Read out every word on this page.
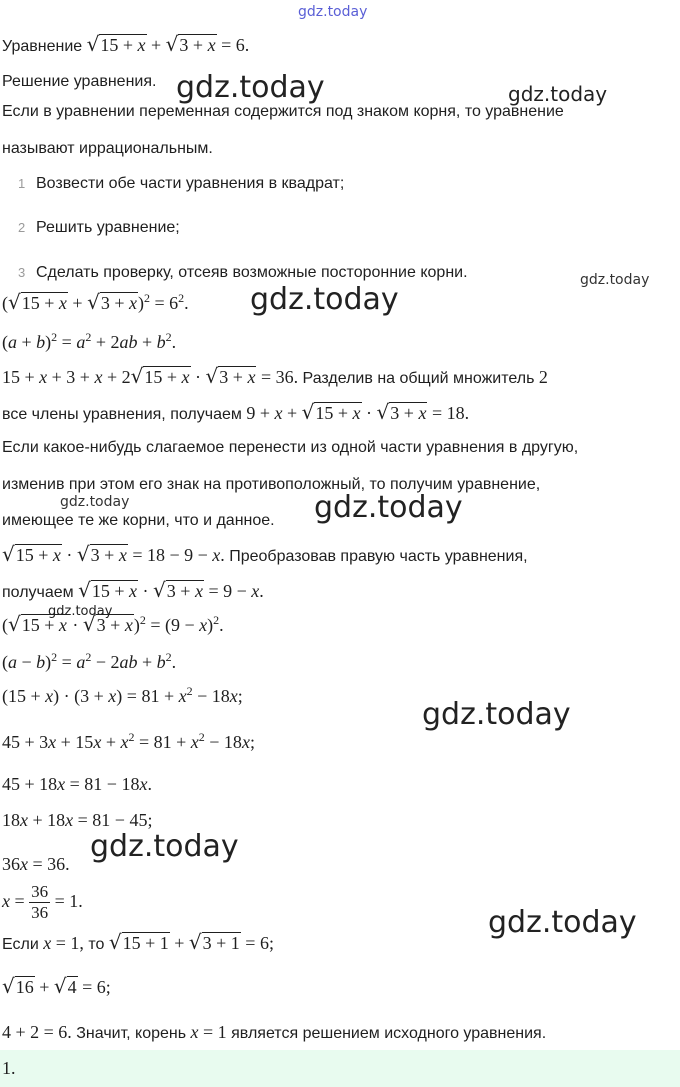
gdz.today
gdz.today	gdz.today
gdz.today
gdz.today
gdz.today	gdz.today
gdz.today
gdz.today
gdz.today
gdz.today
Уравнение √15 + x + √3 + x = 6.
Решение уравнения.
Если в уравнении переменная содержится под знаком корня, то уравнение
называют иррациональным.
1 Возвести обе части уравнения в квадрат;
2 Решить уравнение;
3 Сделать проверку, отсеяв возможные посторонние корни.
$(√15 + x + √3 + x)^2 = 6^2$.
$(a + b)^2 = a^2 + 2ab + b^2$.
15 + x + 3 + x + 2√15 + x · √3 + x = 36. Разделив на общий множитель 2
все члены уравнения, получаем 9 + x + √15 + x · √3 + x = 18.
Если какое-нибудь слагаемое перенести из одной части уравнения в другую,
изменив при этом его знак на противоположный, то получим уравнение,
имеющее те же корни, что и данное.
√15 + x · √3 + x = 18 − 9 − x. Преобразовав правую часть уравнения,
получаем √15 + x · √3 + x = 9 − x.
$(√15 + x \cdot √3 + x)^2 = (9 - x)^2$.
$(a - b)^2 = a^2 - 2ab + b^2$.
$(15 + x) \cdot (3 + x) = 81 + x^2 - 18x$;
$45 + 3x + 15x + x^2 = 81 + x^2 - 18x$;
45 + 18x = 81 − 18x.
18x + 18x = 81 − 45;
36x = 36.
$x = \frac{36}{36} = 1$.
Если x = 1, то √15 + 1 + √3 + 1 = 6;
√16 + √4 = 6;
4 + 2 = 6. Значит, корень x = 1 является решением исходного уравнения.
1.
